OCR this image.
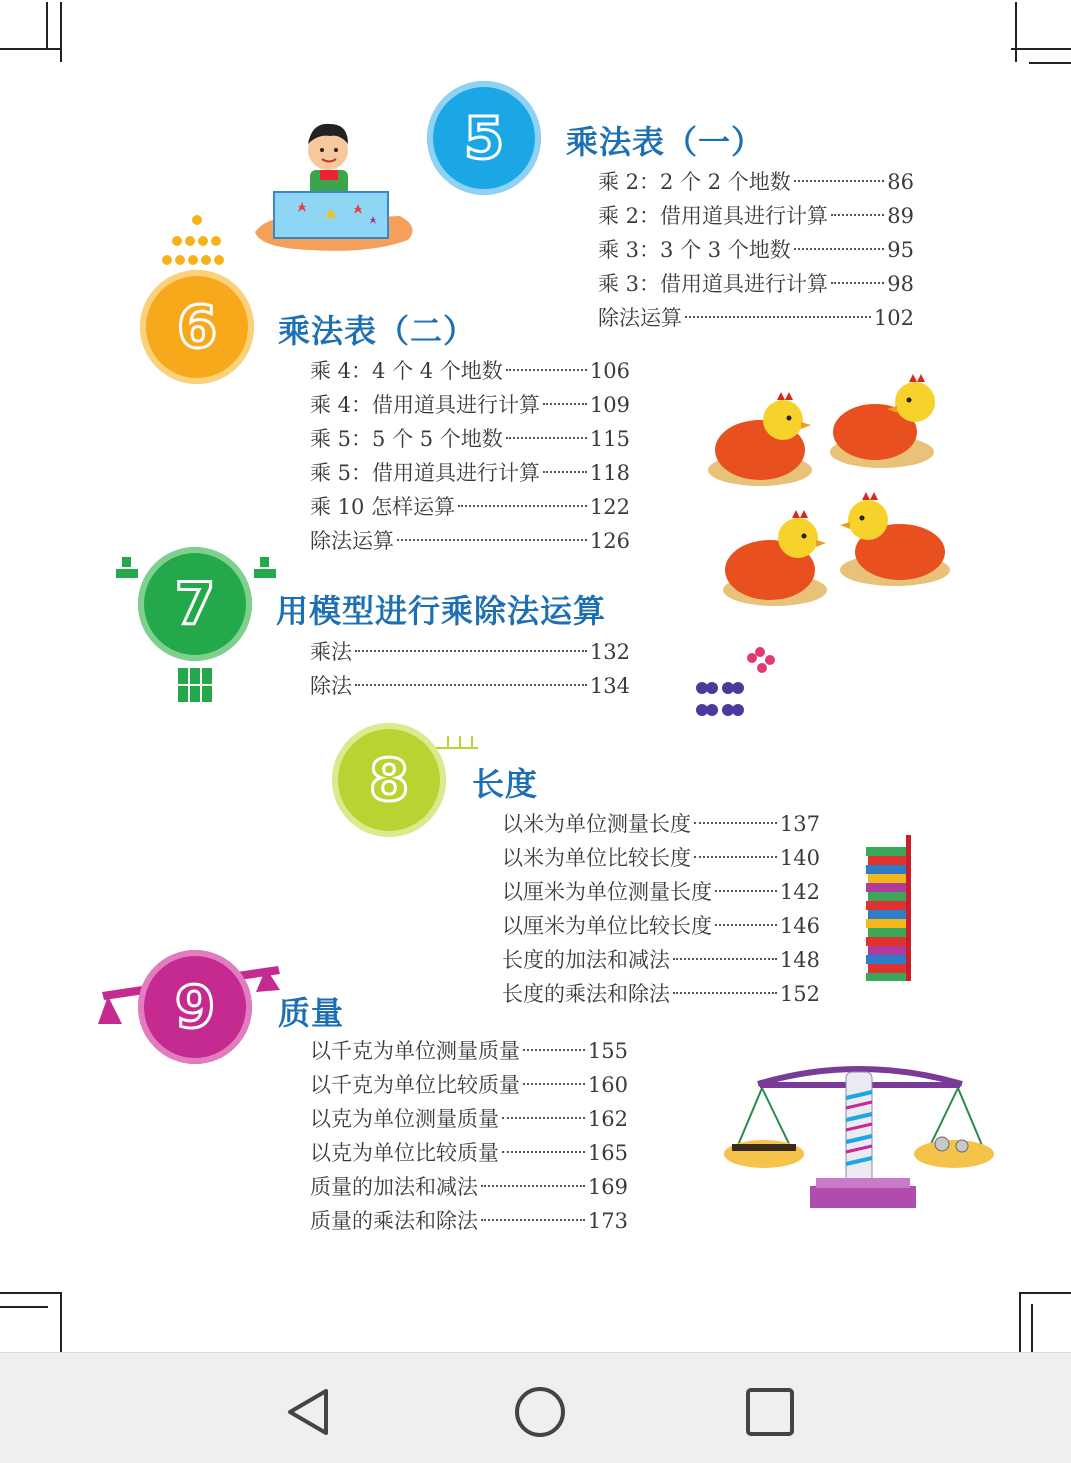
5	乘法表（一）
乘 2：2 个 2 个地数	86
乘 2：借用道具进行计算	89
乘 3：3 个 3 个地数	95
乘 3：借用道具进行计算	98
除法运算	102
6	乘法表（二）
乘 4：4 个 4 个地数	106
乘 4：借用道具进行计算 109
乘 5：5 个 5 个地数	115
乘 5：借用道具进行计算 118
乘 10 怎样运算	122
除法运算	126
7	用模型进行乘除法运算
乘法	132
除法	134
8	长度
以米为单位测量长度	137
以米为单位比较长度	140
以厘米为单位测量长度	142
以厘米为单位比较长度	146
长度的加法和减法	148
长度的乘法和除法	152
9	质量
以千克为单位测量质量	155
以千克为单位比较质量	160
以克为单位测量质量	162
以克为单位比较质量	165
质量的加法和减法	169
质量的乘法和除法	173
